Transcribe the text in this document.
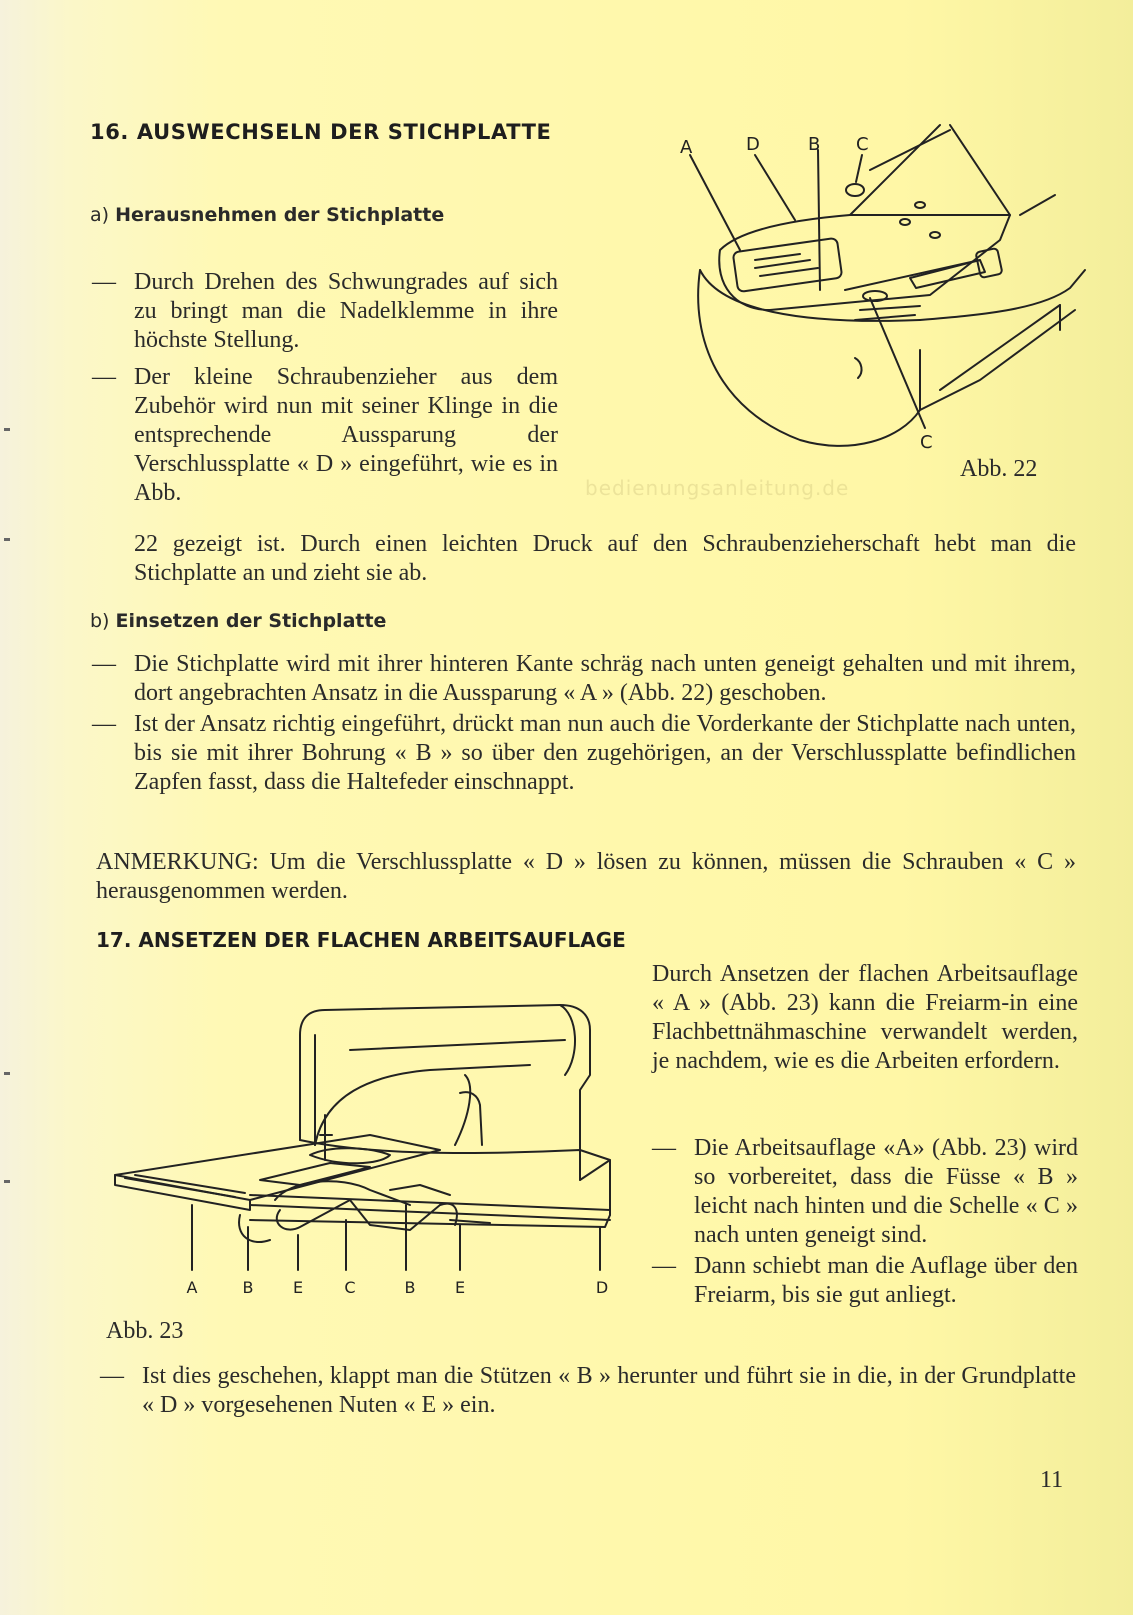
bedienungsanleitung.de
16. AUSWECHSELN DER STICHPLATTE
a) Herausnehmen der Stichplatte
— Durch Drehen des Schwungrades auf sich zu bringt man die Nadelklemme in ihre höchste Stellung.
— Der kleine Schraubenzieher aus dem Zubehör wird nun mit seiner Klinge in die entsprechende Aussparung der Verschlussplatte « D » eingeführt, wie es in Abb.
22 gezeigt ist. Durch einen leichten Druck auf den Schraubenzieherschaft hebt man die Stichplatte an und zieht sie ab.
A	D	B C
C
Abb. 22
b) Einsetzen der Stichplatte
— Die Stichplatte wird mit ihrer hinteren Kante schräg nach unten geneigt gehalten und mit ihrem, dort angebrachten Ansatz in die Aussparung « A » (Abb. 22) geschoben.
— Ist der Ansatz richtig eingeführt, drückt man nun auch die Vorderkante der Stichplatte nach unten, bis sie mit ihrer Bohrung « B » so über den zugehörigen, an der Verschlussplatte befindlichen Zapfen fasst, dass die Haltefeder einschnappt.
ANMERKUNG: Um die Verschlussplatte « D » lösen zu können, müssen die Schrauben « C » herausgenommen werden.
17. ANSETZEN DER FLACHEN ARBEITSAUFLAGE
Durch Ansetzen der flachen Arbeitsauflage « A » (Abb. 23) kann die Freiarm-in eine Flachbettnähmaschine verwandelt werden, je nachdem, wie es die Arbeiten erfordern.
— Die Arbeitsauflage «A» (Abb. 23) wird so vorbereitet, dass die Füsse « B » leicht nach hinten und die Schelle « C » nach unten geneigt sind.
— Dann schiebt man die Auflage über den Freiarm, bis sie gut anliegt.
A	B E	C	B E	D
Abb. 23
— Ist dies geschehen, klappt man die Stützen « B » herunter und führt sie in die, in der Grundplatte « D » vorgesehenen Nuten « E » ein.
11
